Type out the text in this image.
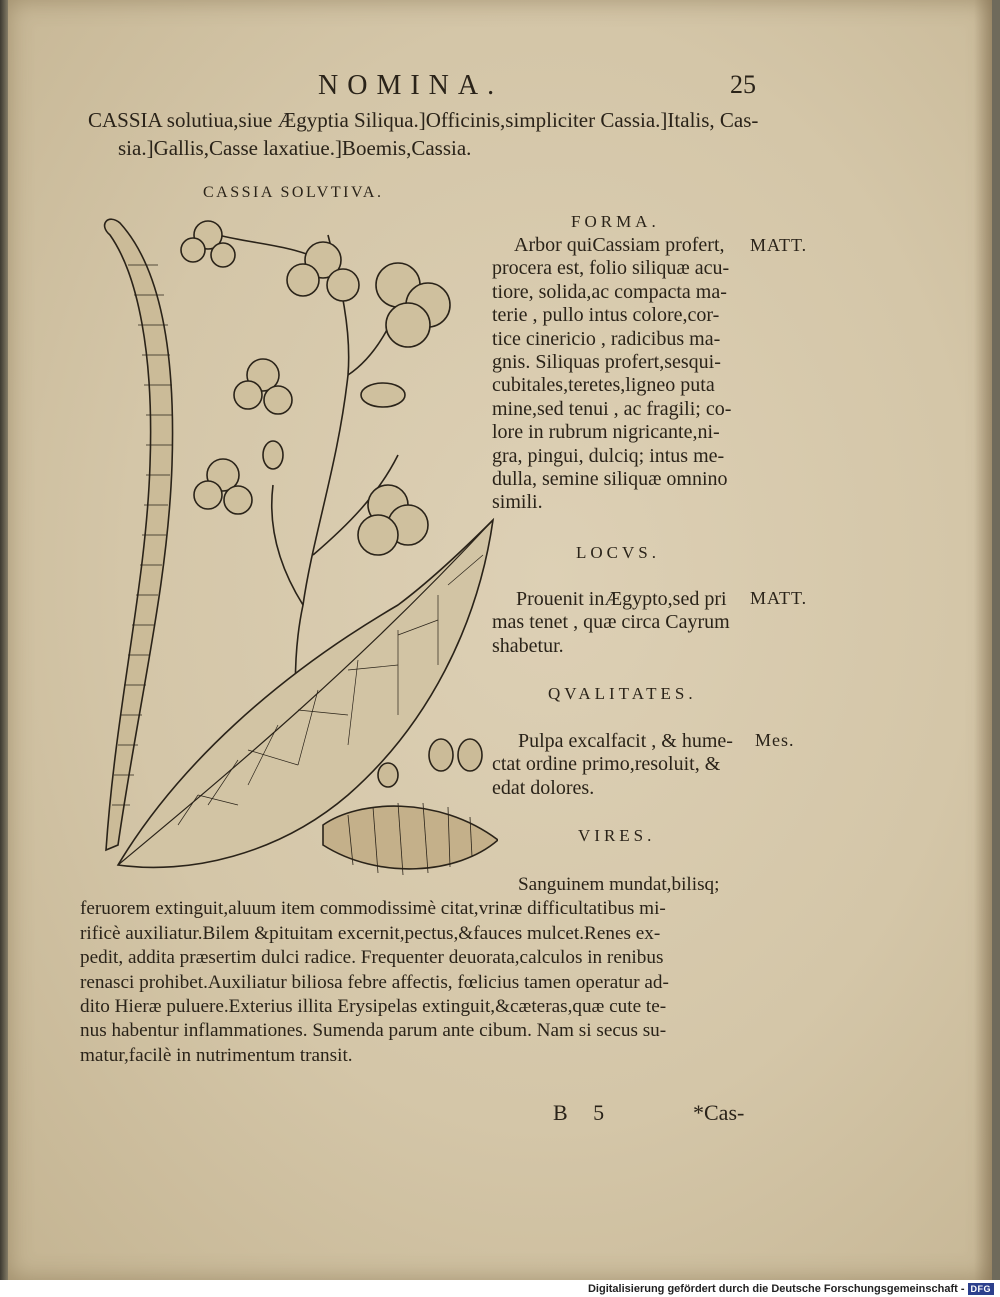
NOMINA.	25
CASSIA solutiua,siue Ægyptia Siliqua.]Officinis,simpliciter Cassia.]Italis, Cas-
sia.]Gallis,Casse laxatiue.]Boemis,Cassia.
CASSIA SOLVTIVA.
FORMA.
Arbor quiCassiam profert,
procera est, folio siliquæ acu-
tiore, solida,ac compacta ma-
terie , pullo intus colore,cor-
tice cinericio , radicibus ma-
gnis. Siliquas profert,sesqui-
cubitales,teretes,ligneo puta
mine,sed tenui , ac fragili; co-
lore in rubrum nigricante,ni-
gra, pingui, dulciq; intus me-
dulla, semine siliquæ omnino
simili.
MATT.
LOCVS.
Prouenit inÆgypto,sed pri
mas tenet , quæ circa Cayrum
shabetur.
MATT.
QVALITATES.
Pulpa excalfacit , & hume-
ctat ordine primo,resoluit, &
edat dolores.
Mes.
VIRES.
Sanguinem mundat,bilisq;
feruorem extinguit,aluum item commodissimè citat,vrinæ difficultatibus mi-
rificè auxiliatur.Bilem &pituitam excernit,pectus,&fauces mulcet.Renes ex-
pedit, addita præsertim dulci radice. Frequenter deuorata,calculos in renibus
renasci prohibet.Auxiliatur biliosa febre affectis, fœlicius tamen operatur ad-
dito Hieræ puluere.Exterius illita Erysipelas extinguit,&cæteras,quæ cute te-
nus habentur inflammationes. Sumenda parum ante cibum. Nam si secus su-
matur,facilè in nutrimentum transit.
B 5	*Cas-
Digitalisierung gefördert durch die Deutsche Forschungsgemeinschaft - DFG
